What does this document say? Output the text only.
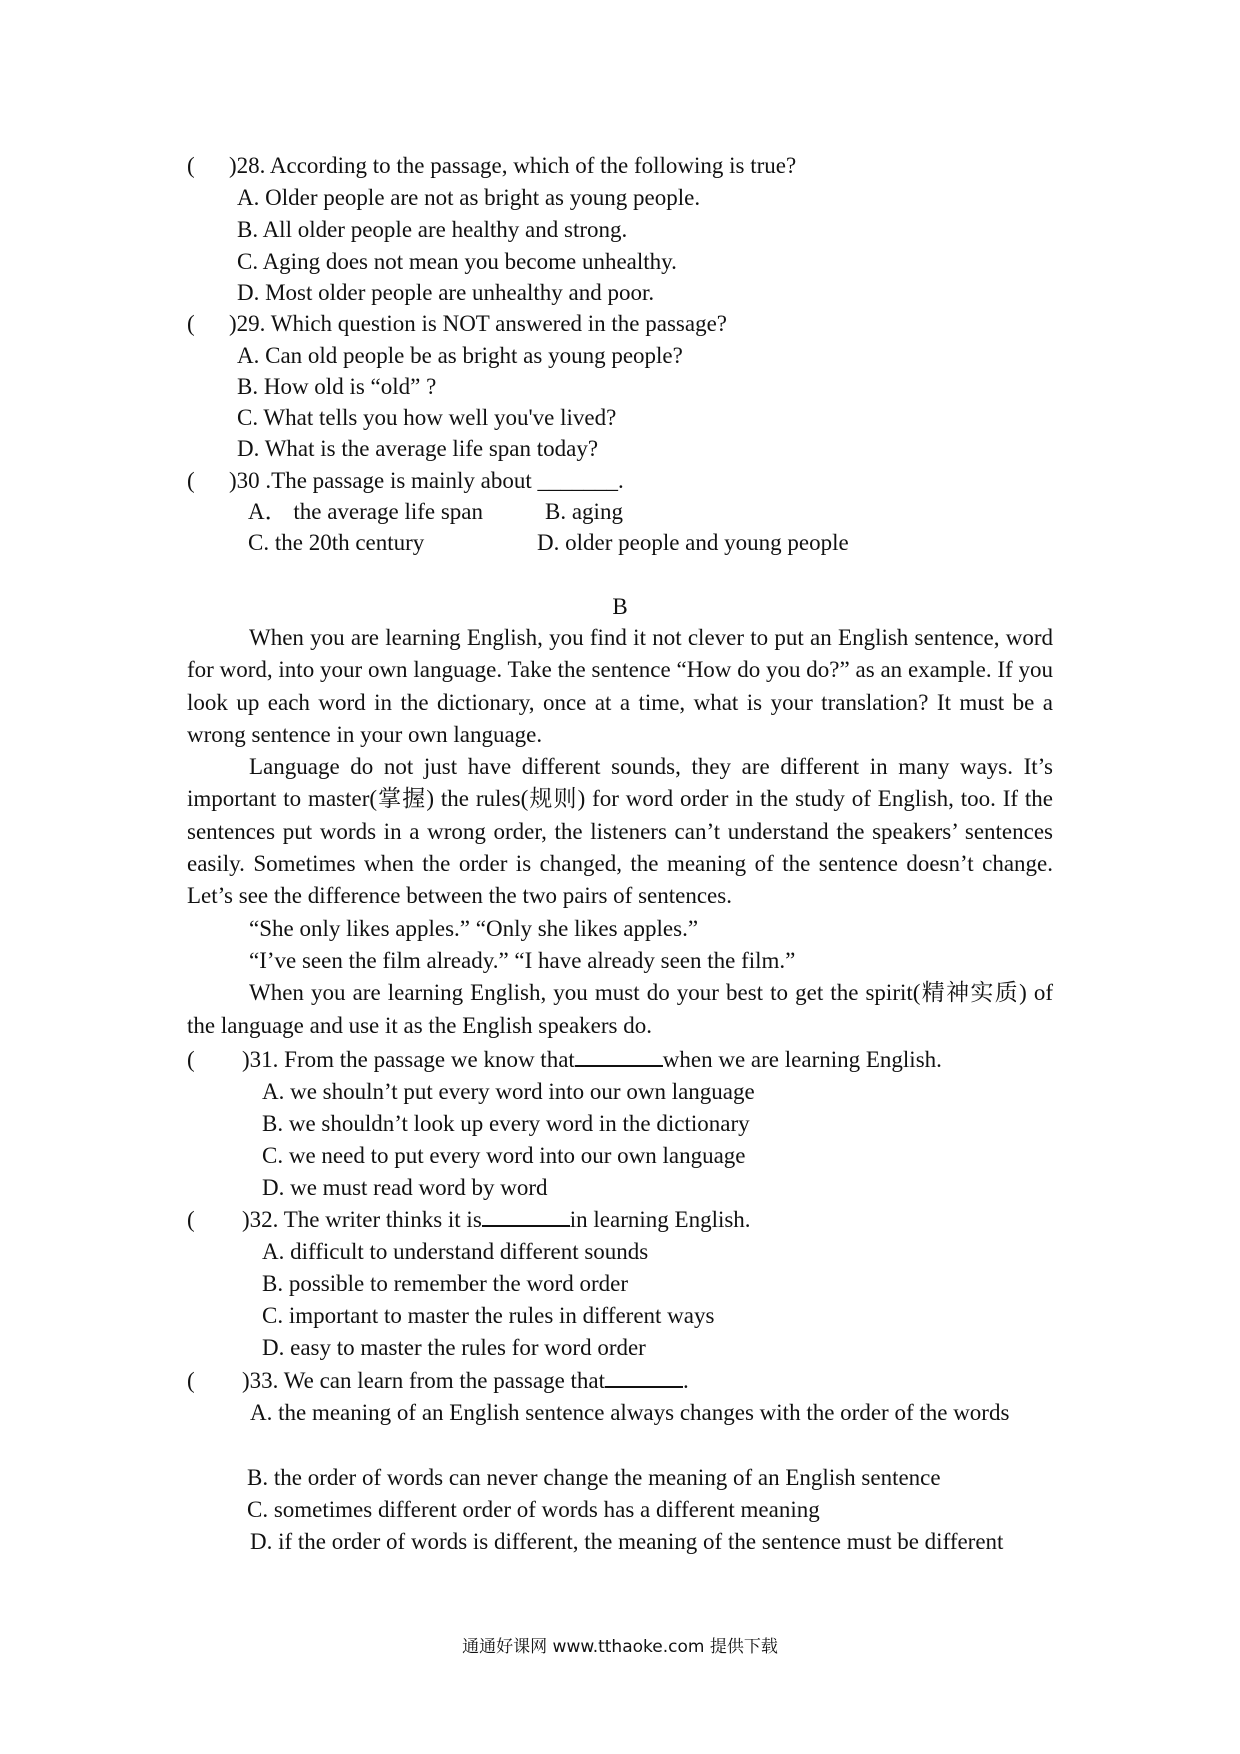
( )28. According to the passage, which of the following is true?
A. Older people are not as bright as young people.
B. All older people are healthy and strong.
C. Aging does not mean you become unhealthy.
D. Most older people are unhealthy and poor.
( )29. Which question is NOT answered in the passage?
A. Can old people be as bright as young people?
B. How old is “old” ?
C. What tells you how well you've lived?
D. What is the average life span today?
( )30 .The passage is mainly about _______.
A． the average life span	B. aging
C. the 20th century	D. older people and young people
B

When you are learning English, you find it not clever to put an English sentence, word for word, into your own language. Take the sentence “How do you do?” as an example. If you look up each word in the dictionary, once at a time, what is your translation? It must be a wrong sentence in your own language.

Language do not just have different sounds, they are different in many ways. It’s important to master(掌握) the rules(规则) for word order in the study of English, too. If the sentences put words in a wrong order, the listeners can’t understand the speakers’ sentences easily. Sometimes when the order is changed, the meaning of the sentence doesn’t change. Let’s see the difference between the two pairs of sentences.

“She only likes apples.” “Only she likes apples.”

“I’ve seen the film already.” “I have already seen the film.”

When you are learning English, you must do your best to get the spirit(精神实质) of the language and use it as the English speakers do.

( )31. From the passage we know that	when we are learning English.
A. we shouln’t put every word into our own language
B. we shouldn’t look up every word in the dictionary
C. we need to put every word into our own language
D. we must read word by word
( )32. The writer thinks it is	in learning English.
A. difficult to understand different sounds
B. possible to remember the word order
C. important to master the rules in different ways
D. easy to master the rules for word order
( )33. We can learn from the passage that	.
A. the meaning of an English sentence always changes with the order of the words
B. the order of words can never change the meaning of an English sentence
C. sometimes different order of words has a different meaning
D. if the order of words is different, the meaning of the sentence must be different
通通好课网 www.tthaoke.com 提供下载
